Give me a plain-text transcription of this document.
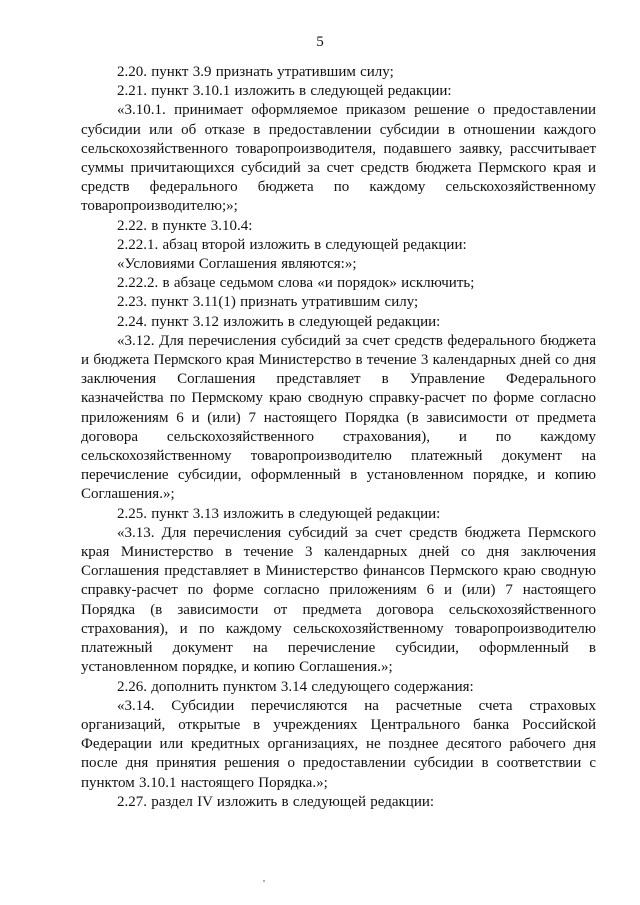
5

2.20. пункт 3.9 признать утратившим силу;

2.21. пункт 3.10.1 изложить в следующей редакции:

«3.10.1. принимает оформляемое приказом решение о предоставлении субсидии или об отказе в предоставлении субсидии в отношении каждого сельскохозяйственного товаропроизводителя, подавшего заявку, рассчитывает суммы причитающихся субсидий за счет средств бюджета Пермского края и средств федерального бюджета по каждому сельскохозяйственному товаропроизводителю;»;

2.22. в пункте 3.10.4:

2.22.1. абзац второй изложить в следующей редакции:

«Условиями Соглашения являются:»;

2.22.2. в абзаце седьмом слова «и порядок» исключить;

2.23. пункт 3.11(1) признать утратившим силу;

2.24. пункт 3.12 изложить в следующей редакции:

«3.12. Для перечисления субсидий за счет средств федерального бюджета и бюджета Пермского края Министерство в течение 3 календарных дней со дня заключения Соглашения представляет в Управление Федерального казначейства по Пермскому краю сводную справку-расчет по форме согласно приложениям 6 и (или) 7 настоящего Порядка (в зависимости от предмета договора сельскохозяйственного страхования), и по каждому сельскохозяйственному товаропроизводителю платежный документ на перечисление субсидии, оформленный в установленном порядке, и копию Соглашения.»;

2.25. пункт 3.13 изложить в следующей редакции:

«3.13. Для перечисления субсидий за счет средств бюджета Пермского края Министерство в течение 3 календарных дней со дня заключения Соглашения представляет в Министерство финансов Пермского краю сводную справку-расчет по форме согласно приложениям 6 и (или) 7 настоящего Порядка (в зависимости от предмета договора сельскохозяйственного страхования), и по каждому сельскохозяйственному товаропроизводителю платежный документ на перечисление субсидии, оформленный в установленном порядке, и копию Соглашения.»;

2.26. дополнить пунктом 3.14 следующего содержания:

«3.14. Субсидии перечисляются на расчетные счета страховых организаций, открытые в учреждениях Центрального банка Российской Федерации или кредитных организациях, не позднее десятого рабочего дня после дня принятия решения о предоставлении субсидии в соответствии с пунктом 3.10.1 настоящего Порядка.»;

2.27. раздел IV изложить в следующей редакции:
